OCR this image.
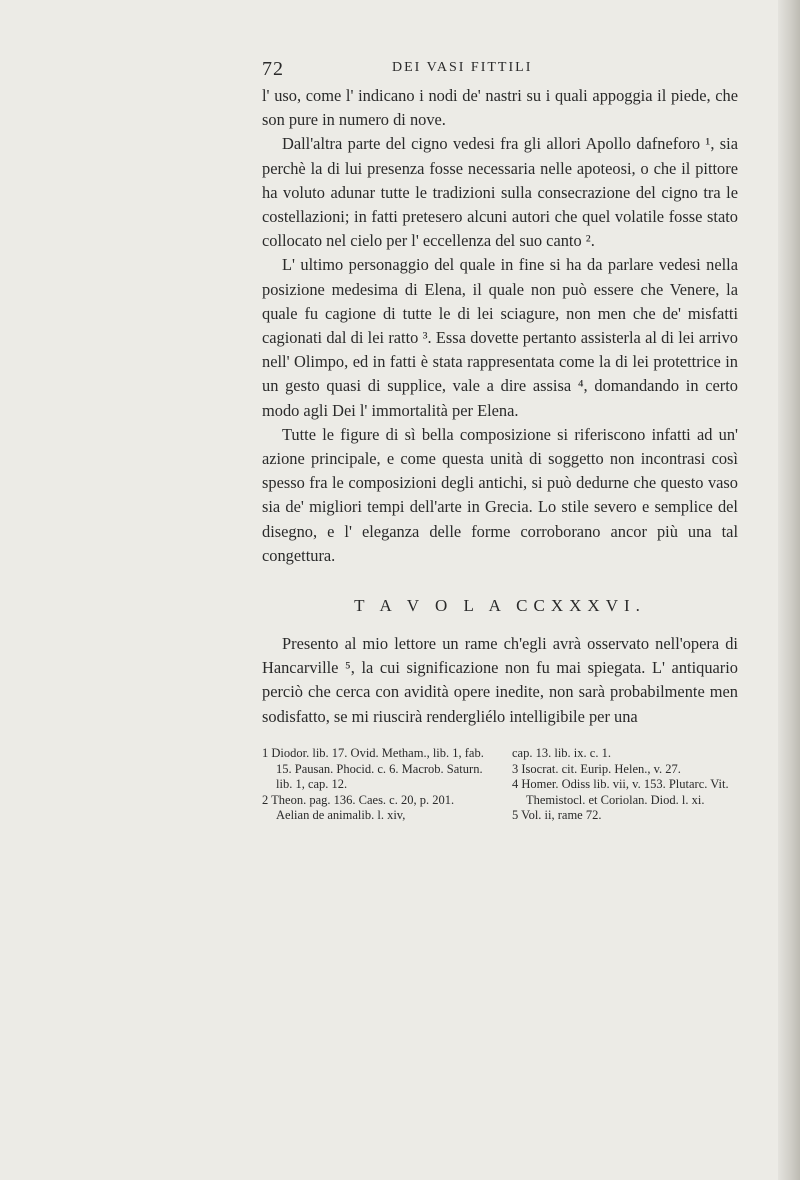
72	DEI VASI FITTILI

l' uso, come l' indicano i nodi de' nastri su i quali appoggia il piede, che son pure in numero di nove.

Dall'altra parte del cigno vedesi fra gli allori Apollo dafneforo ¹, sia perchè la di lui presenza fosse necessaria nelle apoteosi, o che il pittore ha voluto adunar tutte le tradizioni sulla consecrazione del cigno tra le costellazioni; in fatti pretesero alcuni autori che quel volatile fosse stato collocato nel cielo per l' eccellenza del suo canto ².

L' ultimo personaggio del quale in fine si ha da parlare vedesi nella posizione medesima di Elena, il quale non può essere che Venere, la quale fu cagione di tutte le di lei sciagure, non men che de' misfatti cagionati dal di lei ratto ³. Essa dovette pertanto assisterla al di lei arrivo nell' Olimpo, ed in fatti è stata rappresentata come la di lei protettrice in un gesto quasi di supplice, vale a dire assisa ⁴, domandando in certo modo agli Dei l' immortalità per Elena.

Tutte le figure di sì bella composizione si riferiscono infatti ad un' azione principale, e come questa unità di soggetto non incontrasi così spesso fra le composizioni degli antichi, si può dedurne che questo vaso sia de' migliori tempi dell'arte in Grecia. Lo stile severo e semplice del disegno, e l' eleganza delle forme corroborano ancor più una tal congettura.

T A V O L A CCXXXVI.

Presento al mio lettore un rame ch'egli avrà osservato nell'opera di Hancarville ⁵, la cui significazione non fu mai spiegata. L' antiquario perciò che cerca con avidità opere inedite, non sarà probabilmente men sodisfatto, se mi riuscirà rendergliélo intelligibile per una

1 Diodor. lib. 17. Ovid. Metham., lib. 1, fab. 15. Pausan. Phocid. c. 6. Macrob. Saturn. lib. 1, cap. 12.

2 Theon. pag. 136. Caes. c. 20, p. 201. Aelian de animalib. l. xiv,

cap. 13. lib. ix. c. 1.

3 Isocrat. cit. Eurip. Helen., v. 27.

4 Homer. Odiss lib. vii, v. 153. Plutarc. Vit. Themistocl. et Coriolan. Diod. l. xi.

5 Vol. ii, rame 72.
